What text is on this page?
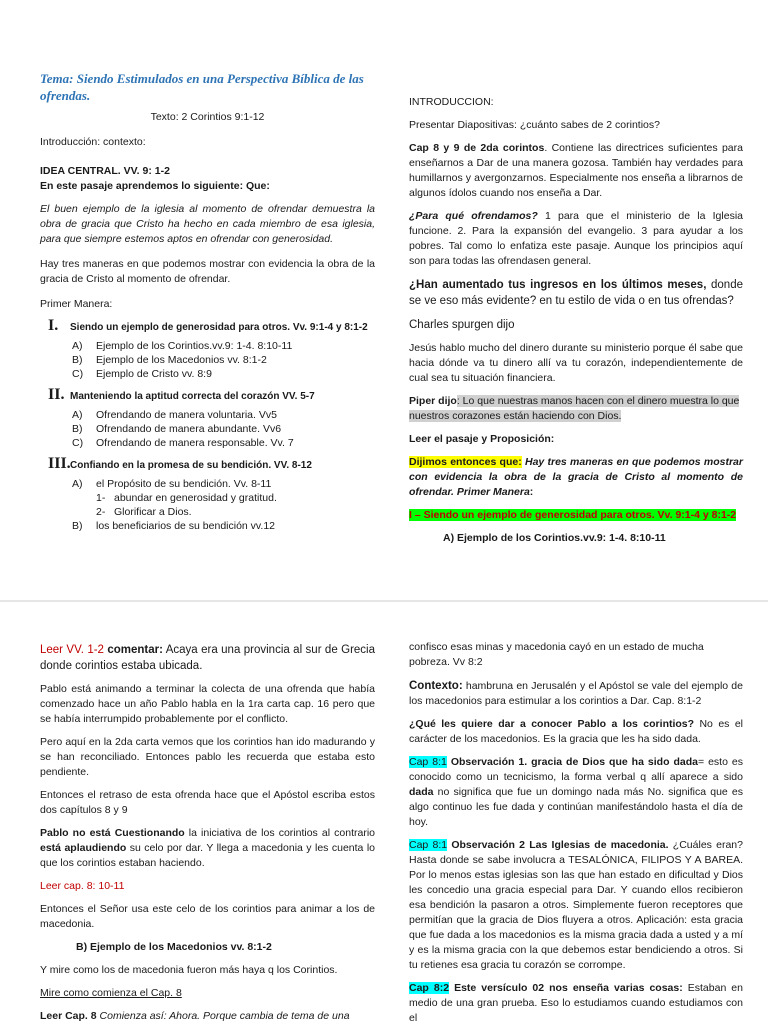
Tema: Siendo Estimulados en una Perspectiva Bíblica de las ofrendas.
Texto: 2 Corintios 9:1-12
Introducción: contexto:
IDEA CENTRAL. VV. 9: 1-2
En este pasaje aprendemos lo siguiente: Que:
El buen ejemplo de la iglesia al momento de ofrendar demuestra la obra de gracia que Cristo ha hecho en cada miembro de esa iglesia, para que siempre estemos aptos en ofrendar con generosidad.
Hay tres maneras en que podemos mostrar con evidencia la obra de la gracia de Cristo al momento de ofrendar.
Primer Manera:
I.	Siendo un ejemplo de generosidad para otros. Vv. 9:1-4 y 8:1-2
A)	Ejemplo de los Corintios.vv.9: 1-4. 8:10-11
B)	Ejemplo de los Macedonios vv. 8:1-2
C)	Ejemplo de Cristo vv. 8:9
II. Manteniendo la aptitud correcta del corazón VV. 5-7
A)	Ofrendando de manera voluntaria. Vv5
B)	Ofrendando de manera abundante. Vv6
C)	Ofrendando de manera responsable. Vv. 7
III. Confiando en la promesa de su bendición. VV. 8-12
A)	el Propósito de su bendición. Vv. 8-11
1- abundar en generosidad y gratitud.
2- Glorificar a Dios.
B)	los beneficiarios de su bendición vv.12
INTRODUCCION:
Presentar Diapositivas: ¿cuánto sabes de 2 corintios?
Cap 8 y 9 de 2da corintos. Contiene las directrices suficientes para enseñarnos a Dar de una manera gozosa. También hay verdades para humillarnos y avergonzarnos. Especialmente nos enseña a librarnos de algunos ídolos cuando nos enseña a Dar.
¿Para qué ofrendamos? 1 para que el ministerio de la Iglesia funcione. 2. Para la expansión del evangelio. 3 para ayudar a los pobres. Tal como lo enfatiza este pasaje. Aunque los principios aquí son para todas las ofrendasen general.
¿Han aumentado tus ingresos en los últimos meses, donde se ve eso más evidente? en tu estilo de vida o en tus ofrendas?
Charles spurgen dijo
Jesús hablo mucho del dinero durante su ministerio porque él sabe que hacia dónde va tu dinero allí va tu corazón, independientemente de cual sea tu situación financiera.
Piper dijo: Lo que nuestras manos hacen con el dinero muestra lo que nuestros corazones están haciendo con Dios.
Leer el pasaje y Proposición:
Dijimos entonces que: Hay tres maneras en que podemos mostrar con evidencia la obra de la gracia de Cristo al momento de ofrendar. Primer Manera:
I – Siendo un ejemplo de generosidad para otros. Vv. 9:1-4 y 8:1-2
A) Ejemplo de los Corintios.vv.9: 1-4. 8:10-11
Leer VV. 1-2 comentar: Acaya era una provincia al sur de Grecia donde corintios estaba ubicada.
Pablo está animando a terminar la colecta de una ofrenda que había comenzado hace un año Pablo habla en la 1ra carta cap. 16 pero que se había interrumpido probablemente por el conflicto.
Pero aquí en la 2da carta vemos que los corintios han ido madurando y se han reconciliado. Entonces pablo les recuerda que estaba esto pendiente.
Entonces el retraso de esta ofrenda hace que el Apóstol escriba estos dos capítulos 8 y 9
Pablo no está Cuestionando la iniciativa de los corintios al contrario está aplaudiendo su celo por dar. Y llega a macedonia y les cuenta lo que los corintios estaban haciendo.
Leer cap. 8: 10-11
Entonces el Señor usa este celo de los corintios para animar a los de macedonia.
B) Ejemplo de los Macedonios vv. 8:1-2
Y mire como los de macedonia fueron más haya q los Corintios.
Mire como comienza el Cap. 8
Leer Cap. 8 Comienza así: Ahora. Porque cambia de tema de una
confisco esas minas y macedonia cayó en un estado de mucha pobreza. Vv 8:2
Contexto: hambruna en Jerusalén y el Apóstol se vale del ejemplo de los macedonios para estimular a los corintios a Dar. Cap. 8:1-2
¿Qué les quiere dar a conocer Pablo a los corintios? No es el carácter de los macedonios. Es la gracia que les ha sido dada.
Cap 8:1 Observación 1. gracia de Dios que ha sido dada= esto es conocido como un tecnicismo, la forma verbal q allí aparece a sido dada no significa que fue un domingo nada más No. significa que es algo continuo les fue dada y continúan manifestándolo hasta el día de hoy.
Cap 8:1 Observación 2 Las Iglesias de macedonia. ¿Cuáles eran? Hasta donde se sabe involucra a TESALÓNICA, FILIPOS Y A BAREA. Por lo menos estas iglesias son las que han estado en dificultad y Dios les concedio una gracia especial para Dar. Y cuando ellos recibieron esa bendición la pasaron a otros. Simplemente fueron receptores que permitían que la gracia de Dios fluyera a otros. Aplicación: esta gracia que fue dada a los macedonios es la misma gracia dada a usted y a mí y es la misma gracia con la que debemos estar bendiciendo a otros. Si tu retienes esa gracia tu corazón se corrompe.
Cap 8:2 Este versículo 02 nos enseña varias cosas: Estaban en medio de una gran prueba. Eso lo estudiamos cuando estudiamos con el
